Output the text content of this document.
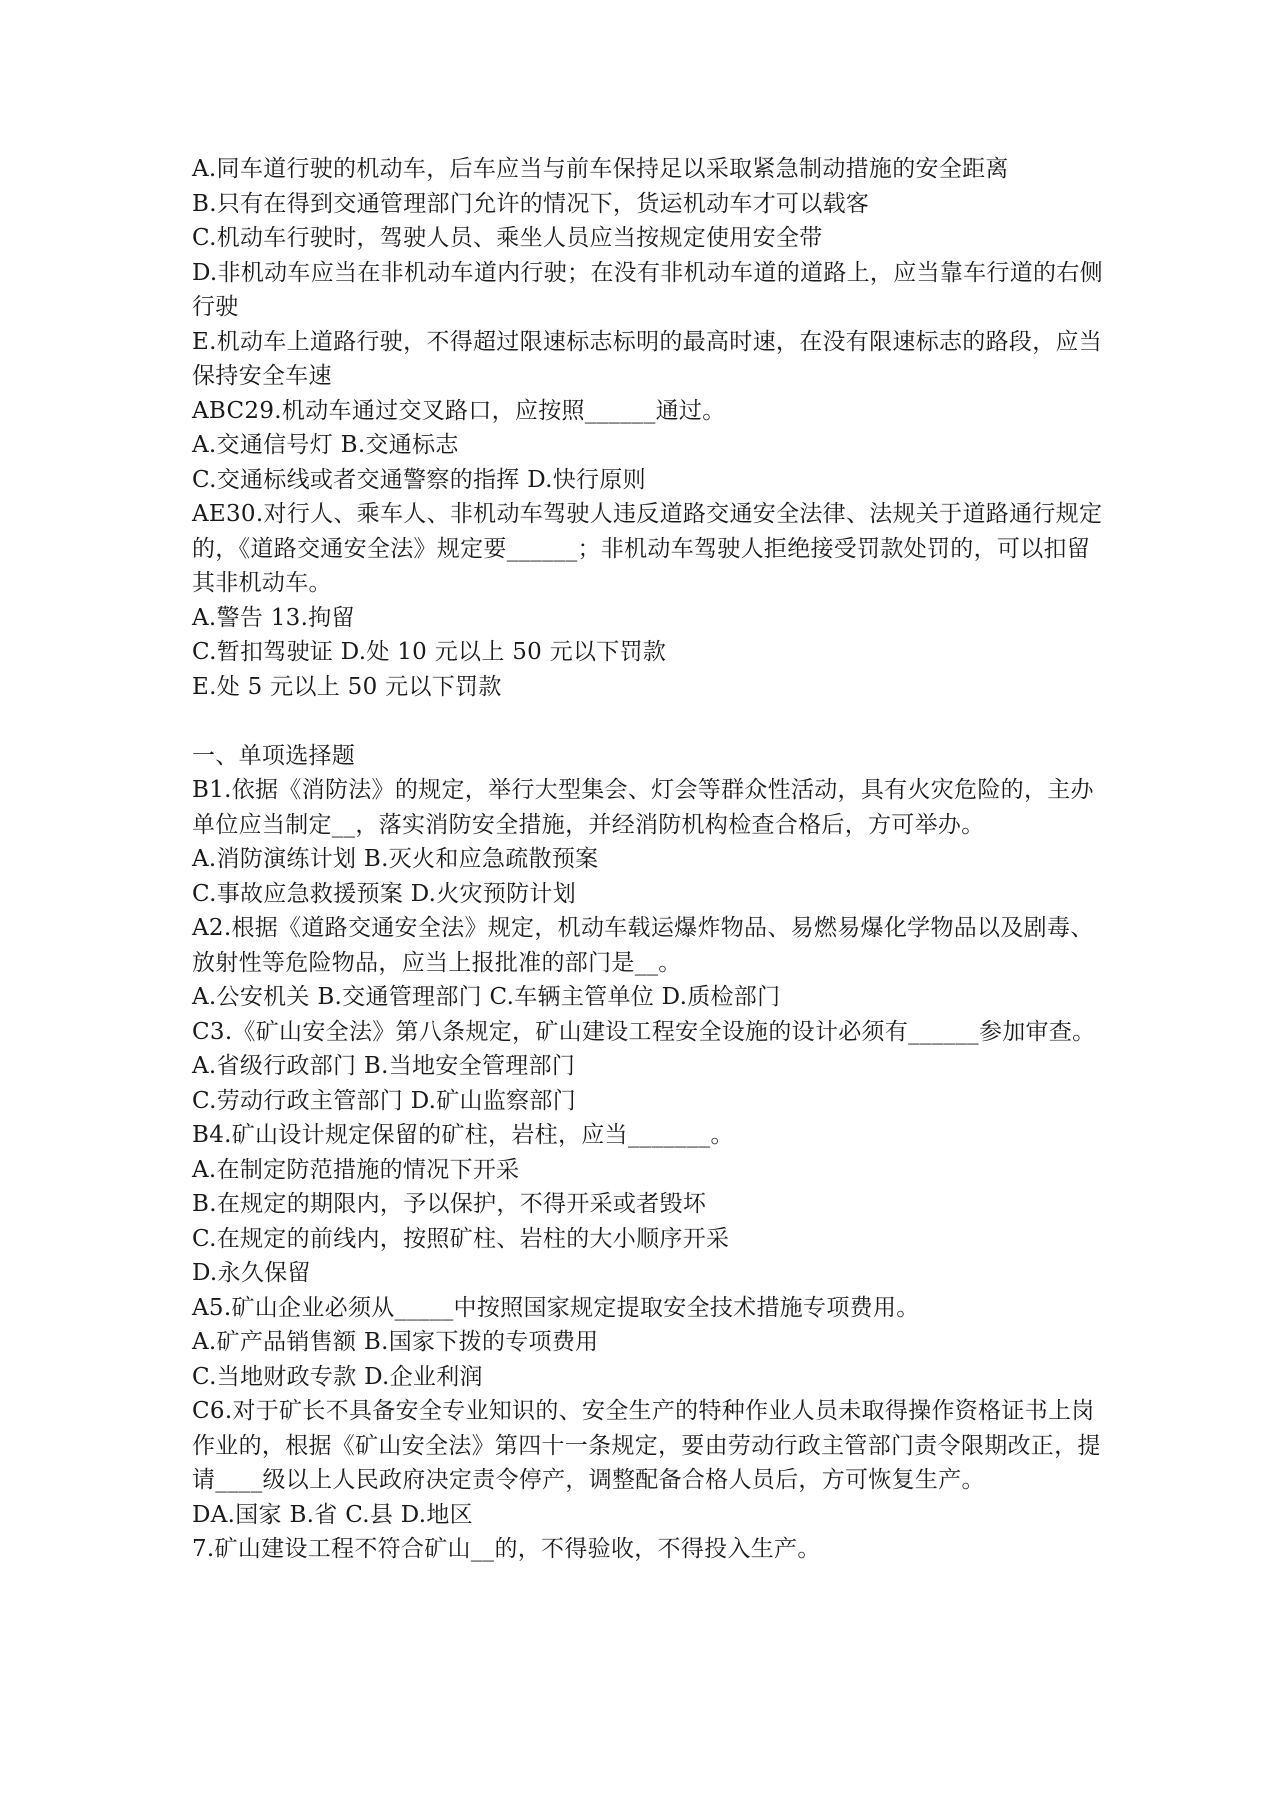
A.同车道行驶的机动车，后车应当与前车保持足以采取紧急制动措施的安全距离
B.只有在得到交通管理部门允许的情况下，货运机动车才可以载客
C.机动车行驶时，驾驶人员、乘坐人员应当按规定使用安全带
D.非机动车应当在非机动车道内行驶；在没有非机动车道的道路上，应当靠车行道的右侧行驶
E.机动车上道路行驶，不得超过限速标志标明的最高时速，在没有限速标志的路段，应当保持安全车速
ABC29.机动车通过交叉路口，应按照______通过。
A.交通信号灯 B.交通标志
C.交通标线或者交通警察的指挥 D.快行原则
AE30.对行人、乘车人、非机动车驾驶人违反道路交通安全法律、法规关于道路通行规定的，《道路交通安全法》规定要______；非机动车驾驶人拒绝接受罚款处罚的，可以扣留其非机动车。
A.警告 13.拘留
C.暂扣驾驶证 D.处 10 元以上 50 元以下罚款
E.处 5 元以上 50 元以下罚款
一、单项选择题
B1.依据《消防法》的规定，举行大型集会、灯会等群众性活动，具有火灾危险的，主办单位应当制定__，落实消防安全措施，并经消防机构检查合格后，方可举办。
A.消防演练计划 B.灭火和应急疏散预案
C.事故应急救援预案 D.火灾预防计划
A2.根据《道路交通安全法》规定，机动车载运爆炸物品、易燃易爆化学物品以及剧毒、放射性等危险物品，应当上报批准的部门是__。
A.公安机关 B.交通管理部门 C.车辆主管单位 D.质检部门
C3.《矿山安全法》第八条规定，矿山建设工程安全设施的设计必须有______参加审查。
A.省级行政部门 B.当地安全管理部门
C.劳动行政主管部门 D.矿山监察部门
B4.矿山设计规定保留的矿柱，岩柱，应当_______。
A.在制定防范措施的情况下开采
B.在规定的期限内，予以保护，不得开采或者毁坏
C.在规定的前线内，按照矿柱、岩柱的大小顺序开采
D.永久保留
A5.矿山企业必须从_____中按照国家规定提取安全技术措施专项费用。
A.矿产品销售额 B.国家下拨的专项费用
C.当地财政专款 D.企业利润
C6.对于矿长不具备安全专业知识的、安全生产的特种作业人员未取得操作资格证书上岗作业的，根据《矿山安全法》第四十一条规定，要由劳动行政主管部门责令限期改正，提请____级以上人民政府决定责令停产，调整配备合格人员后，方可恢复生产。
DA.国家 B.省 C.县 D.地区
7.矿山建设工程不符合矿山__的，不得验收，不得投入生产。
